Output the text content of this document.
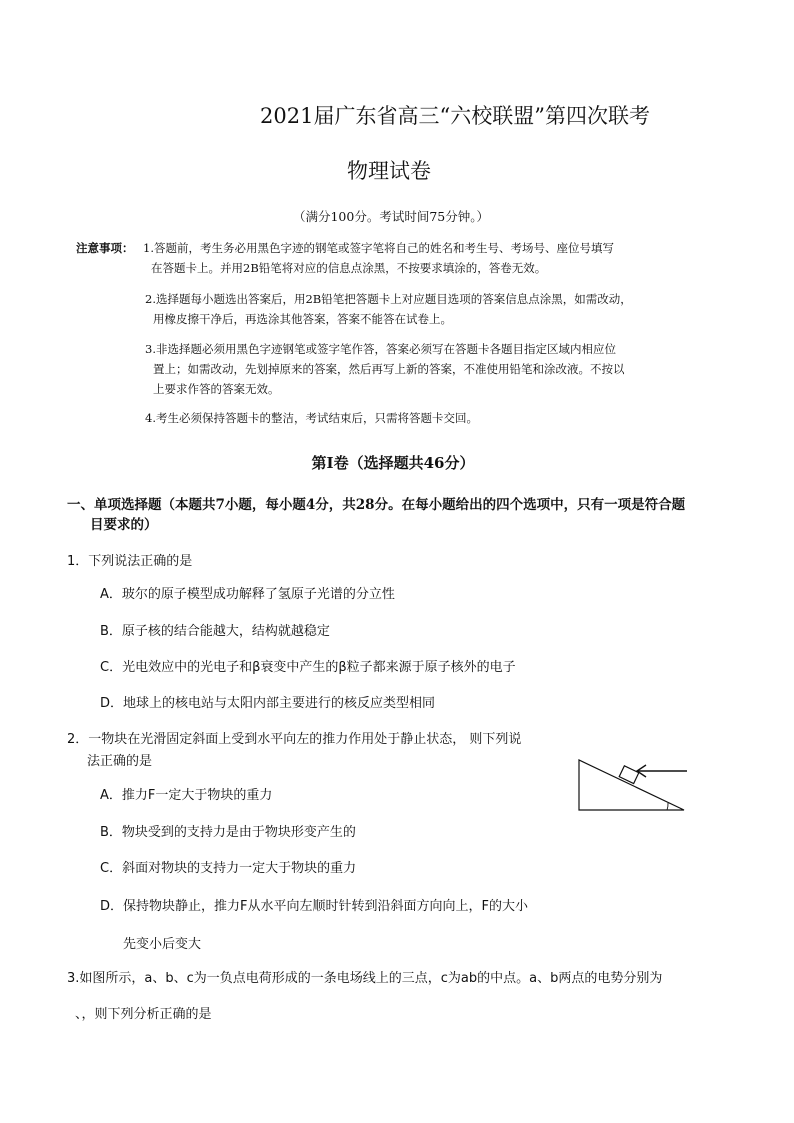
2021届广东省高三“六校联盟”第四次联考
物理试卷
（满分100分。考试时间75分钟。）
注意事项： 1.答题前，考生务必用黑色字迹的钢笔或签字笔将自己的姓名和考生号、考场号、座位号填写
在答题卡上。并用2B铅笔将对应的信息点涂黑，不按要求填涂的，答卷无效。
2.选择题每小题选出答案后，用2B铅笔把答题卡上对应题目选项的答案信息点涂黑，如需改动，
用橡皮擦干净后，再选涂其他答案，答案不能答在试卷上。
3.非选择题必须用黑色字迹钢笔或签字笔作答，答案必须写在答题卡各题目指定区域内相应位
置上；如需改动，先划掉原来的答案，然后再写上新的答案，不准使用铅笔和涂改液。不按以
上要求作答的答案无效。
4.考生必须保持答题卡的整洁，考试结束后，只需将答题卡交回。
第Ⅰ卷（选择题共46分）
一、单项选择题（本题共7小题，每小题4分，共28分。在每小题给出的四个选项中，只有一项是符合题
目要求的）
1．下列说法正确的是
A．玻尔的原子模型成功解释了氢原子光谱的分立性
B．原子核的结合能越大，结构就越稳定
C．光电效应中的光电子和β衰变中产生的β粒子都来源于原子核外的电子
D．地球上的核电站与太阳内部主要进行的核反应类型相同
2．一物块在光滑固定斜面上受到水平向左的推力作用处于静止状态， 则下列说
法正确的是
A．推力F一定大于物块的重力
B．物块受到的支持力是由于物块形变产生的
C．斜面对物块的支持力一定大于物块的重力
D．保持物块静止，推力F从水平向左顺时针转到沿斜面方向向上，F的大小
先变小后变大
3.如图所示，a、b、c为一负点电荷形成的一条电场线上的三点，c为ab的中点。a、b两点的电势分别为
、，则下列分析正确的是
